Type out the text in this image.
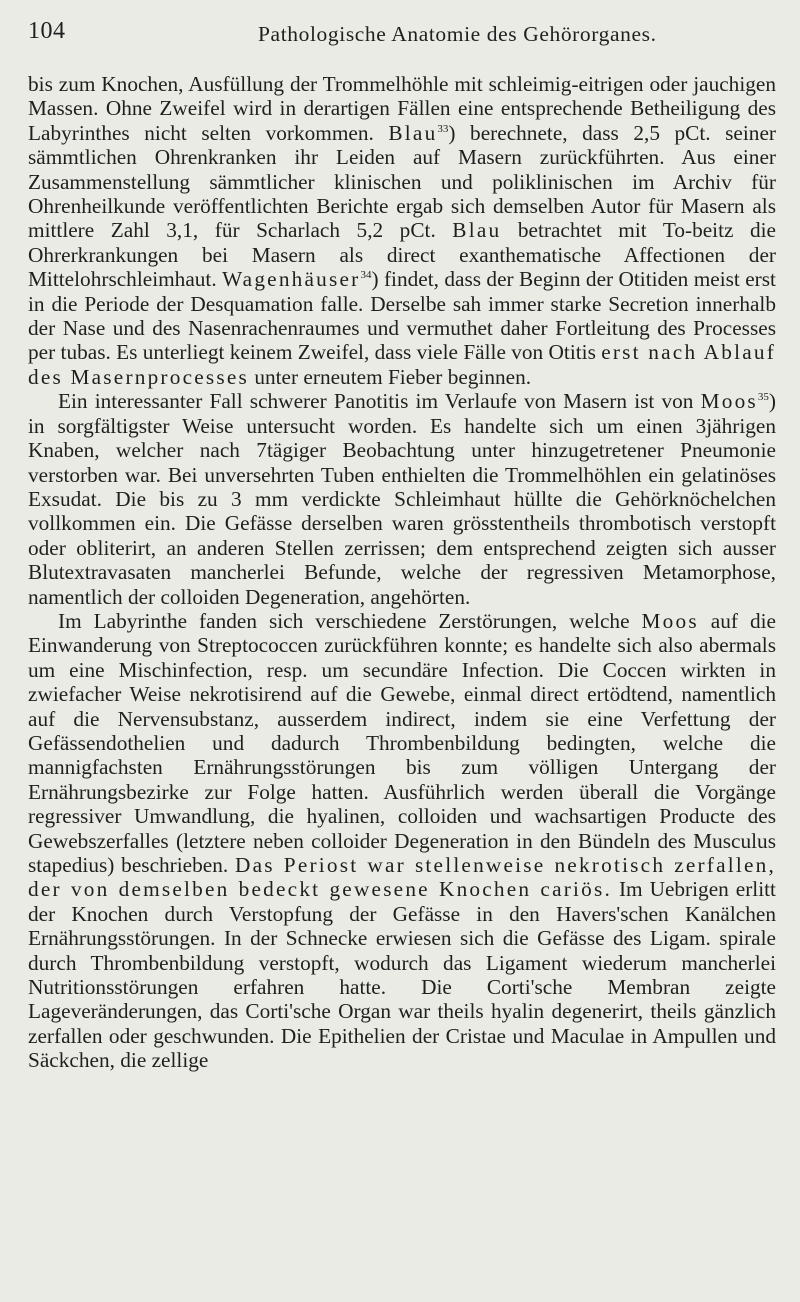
104	Pathologische Anatomie des Gehörorganes.

bis zum Knochen, Ausfüllung der Trommelhöhle mit schleimig-eitrigen oder jauchigen Massen. Ohne Zweifel wird in derartigen Fällen eine entsprechende Betheiligung des Labyrinthes nicht selten vorkommen. Blau$^{33}$) berechnete, dass 2,5 pCt. seiner sämmtlichen Ohrenkranken ihr Leiden auf Masern zurückführten. Aus einer Zusammenstellung sämmtlicher klinischen und poliklinischen im Archiv für Ohrenheilkunde veröffentlichten Berichte ergab sich demselben Autor für Masern als mittlere Zahl 3,1, für Scharlach 5,2 pCt. Blau betrachtet mit To-beitz die Ohrerkrankungen bei Masern als direct exanthematische Affectionen der Mittelohrschleimhaut. Wagenhäuser$^{34}$) findet, dass der Beginn der Otitiden meist erst in die Periode der Desquamation falle. Derselbe sah immer starke Secretion innerhalb der Nase und des Nasenrachenraumes und vermuthet daher Fortleitung des Processes per tubas. Es unterliegt keinem Zweifel, dass viele Fälle von Otitis erst nach Ablauf des Masernprocesses unter erneutem Fieber beginnen.

Ein interessanter Fall schwerer Panotitis im Verlaufe von Masern ist von Moos$^{35}$) in sorgfältigster Weise untersucht worden. Es handelte sich um einen 3jährigen Knaben, welcher nach 7tägiger Beobachtung unter hinzugetretener Pneumonie verstorben war. Bei unversehrten Tuben enthielten die Trommelhöhlen ein gelatinöses Exsudat. Die bis zu 3 mm verdickte Schleimhaut hüllte die Gehörknöchelchen vollkommen ein. Die Gefässe derselben waren grösstentheils thrombotisch verstopft oder obliterirt, an anderen Stellen zerrissen; dem entsprechend zeigten sich ausser Blutextravasaten mancherlei Befunde, welche der regressiven Metamorphose, namentlich der colloiden Degeneration, angehörten.

Im Labyrinthe fanden sich verschiedene Zerstörungen, welche Moos auf die Einwanderung von Streptococcen zurückführen konnte; es handelte sich also abermals um eine Mischinfection, resp. um secundäre Infection. Die Coccen wirkten in zwiefacher Weise nekrotisirend auf die Gewebe, einmal direct ertödtend, namentlich auf die Nervensubstanz, ausserdem indirect, indem sie eine Verfettung der Gefässendothelien und dadurch Thrombenbildung bedingten, welche die mannigfachsten Ernährungsstörungen bis zum völligen Untergang der Ernährungsbezirke zur Folge hatten. Ausführlich werden überall die Vorgänge regressiver Umwandlung, die hyalinen, colloiden und wachsartigen Producte des Gewebszerfalles (letztere neben colloider Degeneration in den Bündeln des Musculus stapedius) beschrieben. Das Periost war stellenweise nekrotisch zerfallen, der von demselben bedeckt gewesene Knochen cariös. Im Uebrigen erlitt der Knochen durch Verstopfung der Gefässe in den Havers'schen Kanälchen Ernährungsstörungen. In der Schnecke erwiesen sich die Gefässe des Ligam. spirale durch Thrombenbildung verstopft, wodurch das Ligament wiederum mancherlei Nutritionsstörungen erfahren hatte. Die Corti'sche Membran zeigte Lageveränderungen, das Corti'sche Organ war theils hyalin degenerirt, theils gänzlich zerfallen oder geschwunden. Die Epithelien der Cristae und Maculae in Ampullen und Säckchen, die zellige
